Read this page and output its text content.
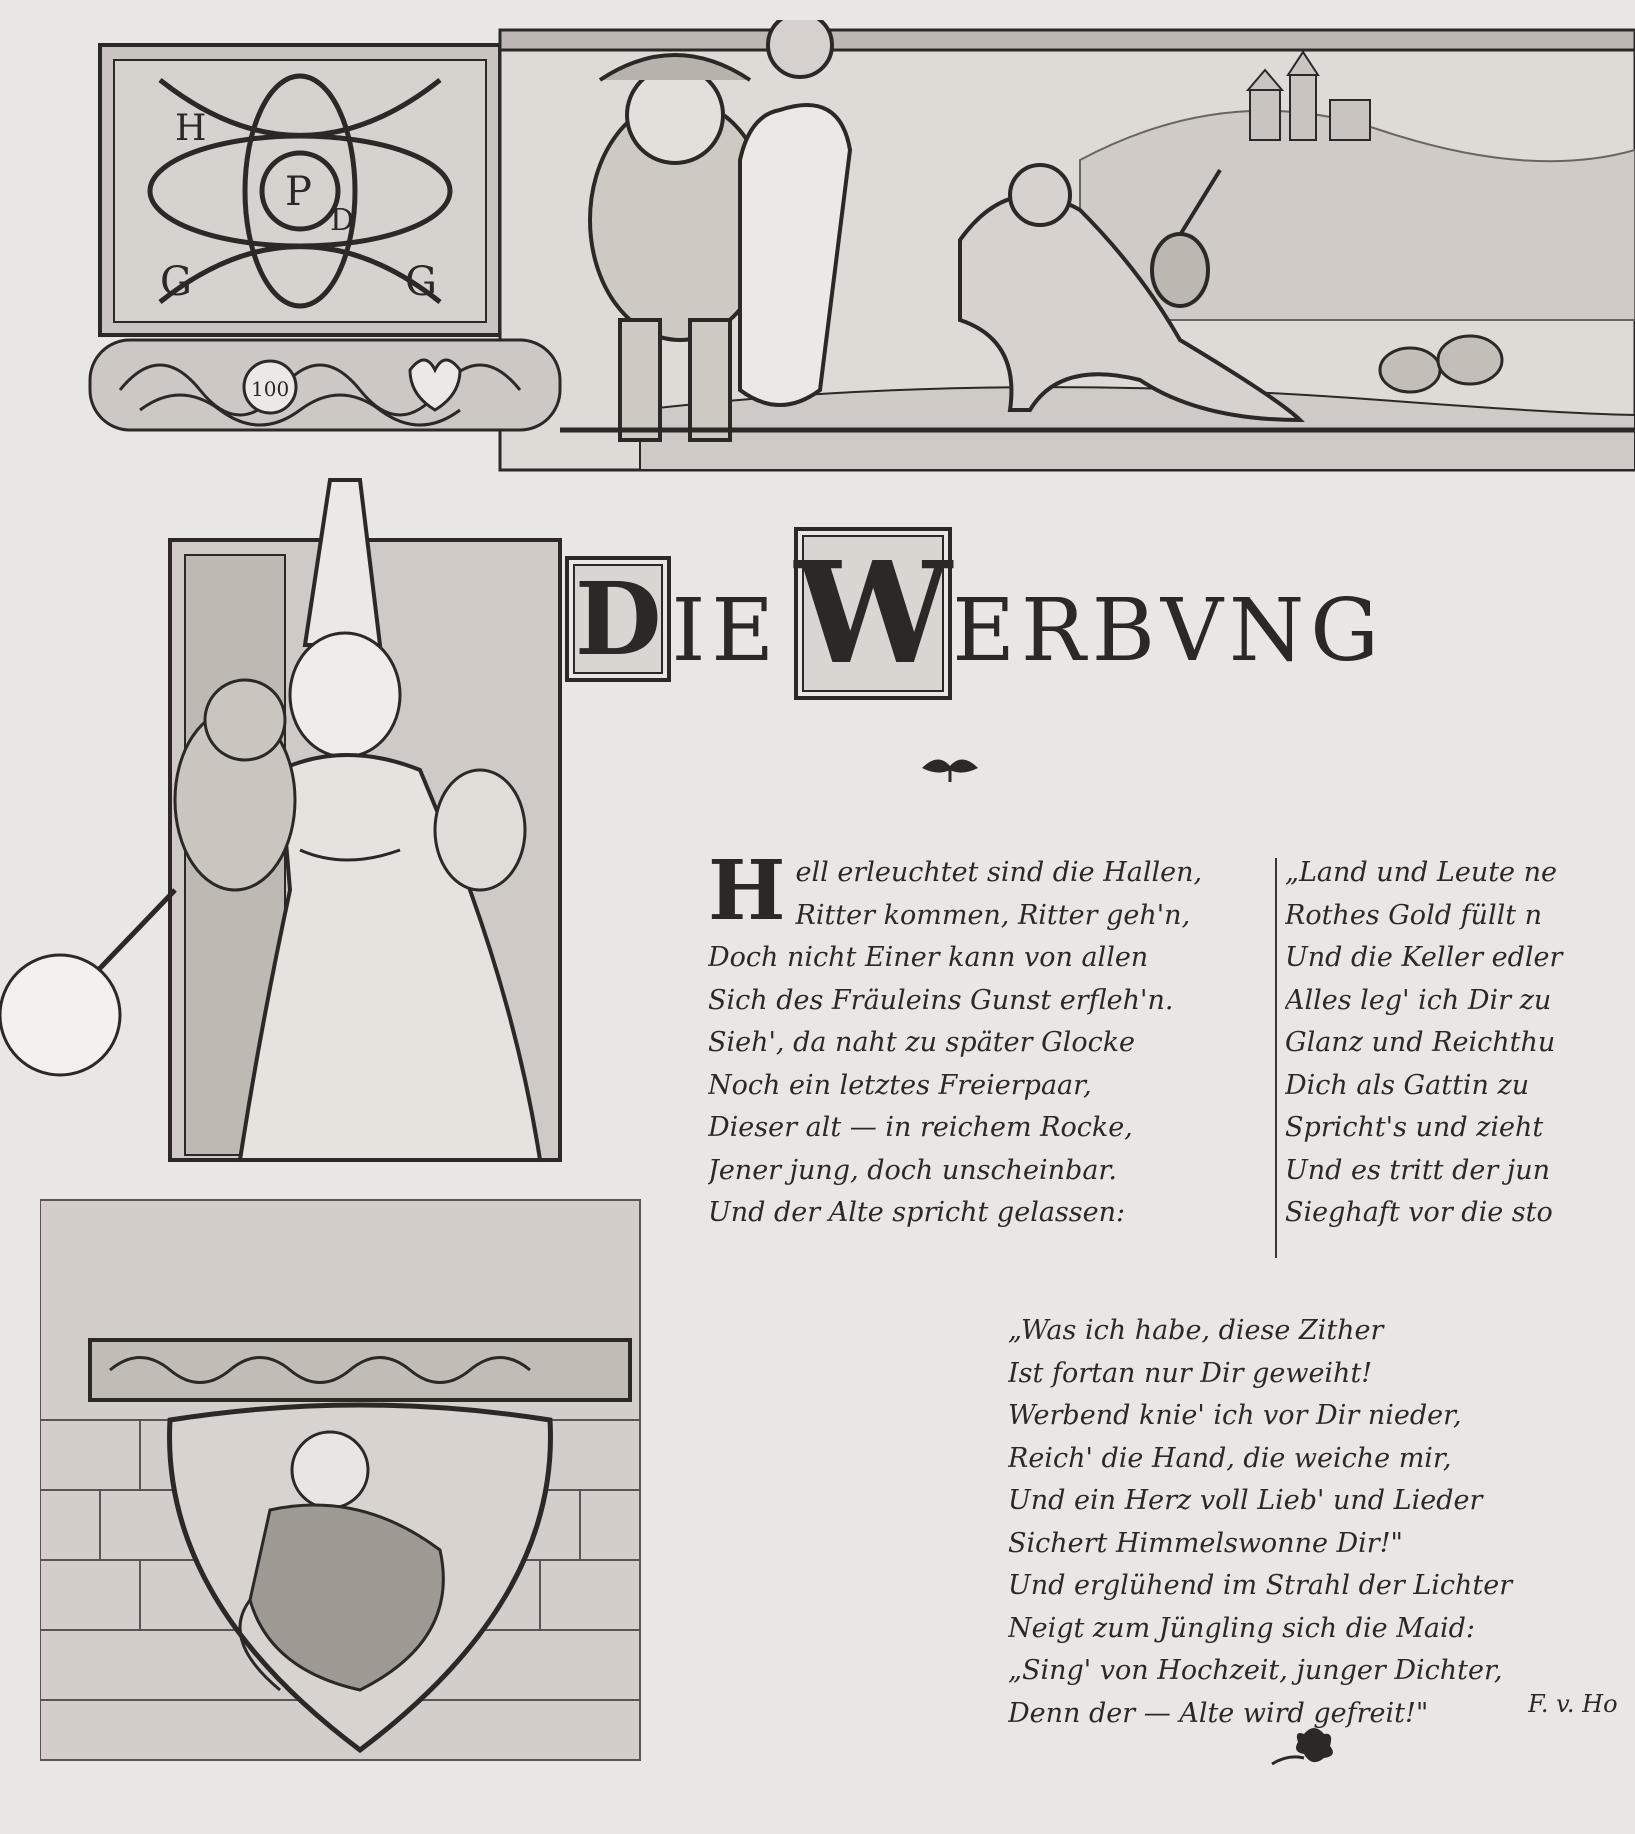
H
P
D
G	G
100
D IE W ERBVNG
H ell erleuchtet sind die Hallen,
Ritter kommen, Ritter geh'n,
Doch nicht Einer kann von allen
Sich des Fräuleins Gunst erfleh'n.
Sieh', da naht zu später Glocke
Noch ein letztes Freierpaar,
Dieser alt — in reichem Rocke,
Jener jung, doch unscheinbar.
Und der Alte spricht gelassen:
„Land und Leute ne
Rothes Gold füllt n
Und die Keller edler
Alles leg' ich Dir zu
Glanz und Reichthu
Dich als Gattin zu
Spricht's und zieht
Und es tritt der jun
Sieghaft vor die sto
„Was ich habe, diese Zither
Ist fortan nur Dir geweiht!
Werbend knie' ich vor Dir nieder,
Reich' die Hand, die weiche mir,
Und ein Herz voll Lieb' und Lieder
Sichert Himmelswonne Dir!"
Und erglühend im Strahl der Lichter
Neigt zum Jüngling sich die Maid:
„Sing' von Hochzeit, junger Dichter,
Denn der — Alte wird gefreit!"	F. v. Ho
